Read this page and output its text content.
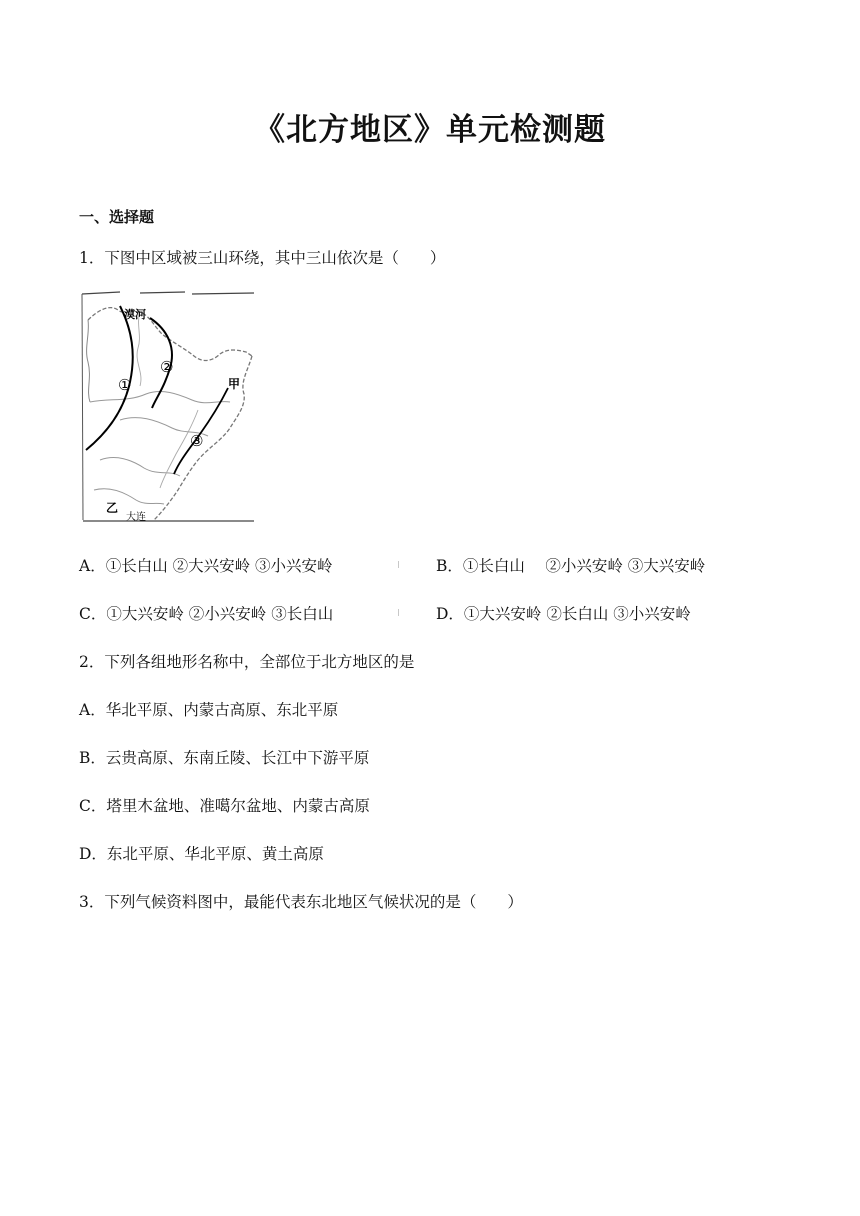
《北方地区》单元检测题
一、选择题
1．下图中区域被三山环绕，其中三山依次是（　　）
漠河
①
②
③
甲
乙
大连
A．①长白山 ②大兴安岭 ③小兴安岭	B．①长白山 　②小兴安岭 ③大兴安岭
C．①大兴安岭 ②小兴安岭 ③长白山	D．①大兴安岭 ②长白山 ③小兴安岭
2．下列各组地形名称中，全部位于北方地区的是
A．华北平原、内蒙古高原、东北平原
B．云贵高原、东南丘陵、长江中下游平原
C．塔里木盆地、准噶尔盆地、内蒙古高原
D．东北平原、华北平原、黄土高原
3．下列气候资料图中，最能代表东北地区气候状况的是（　　）
